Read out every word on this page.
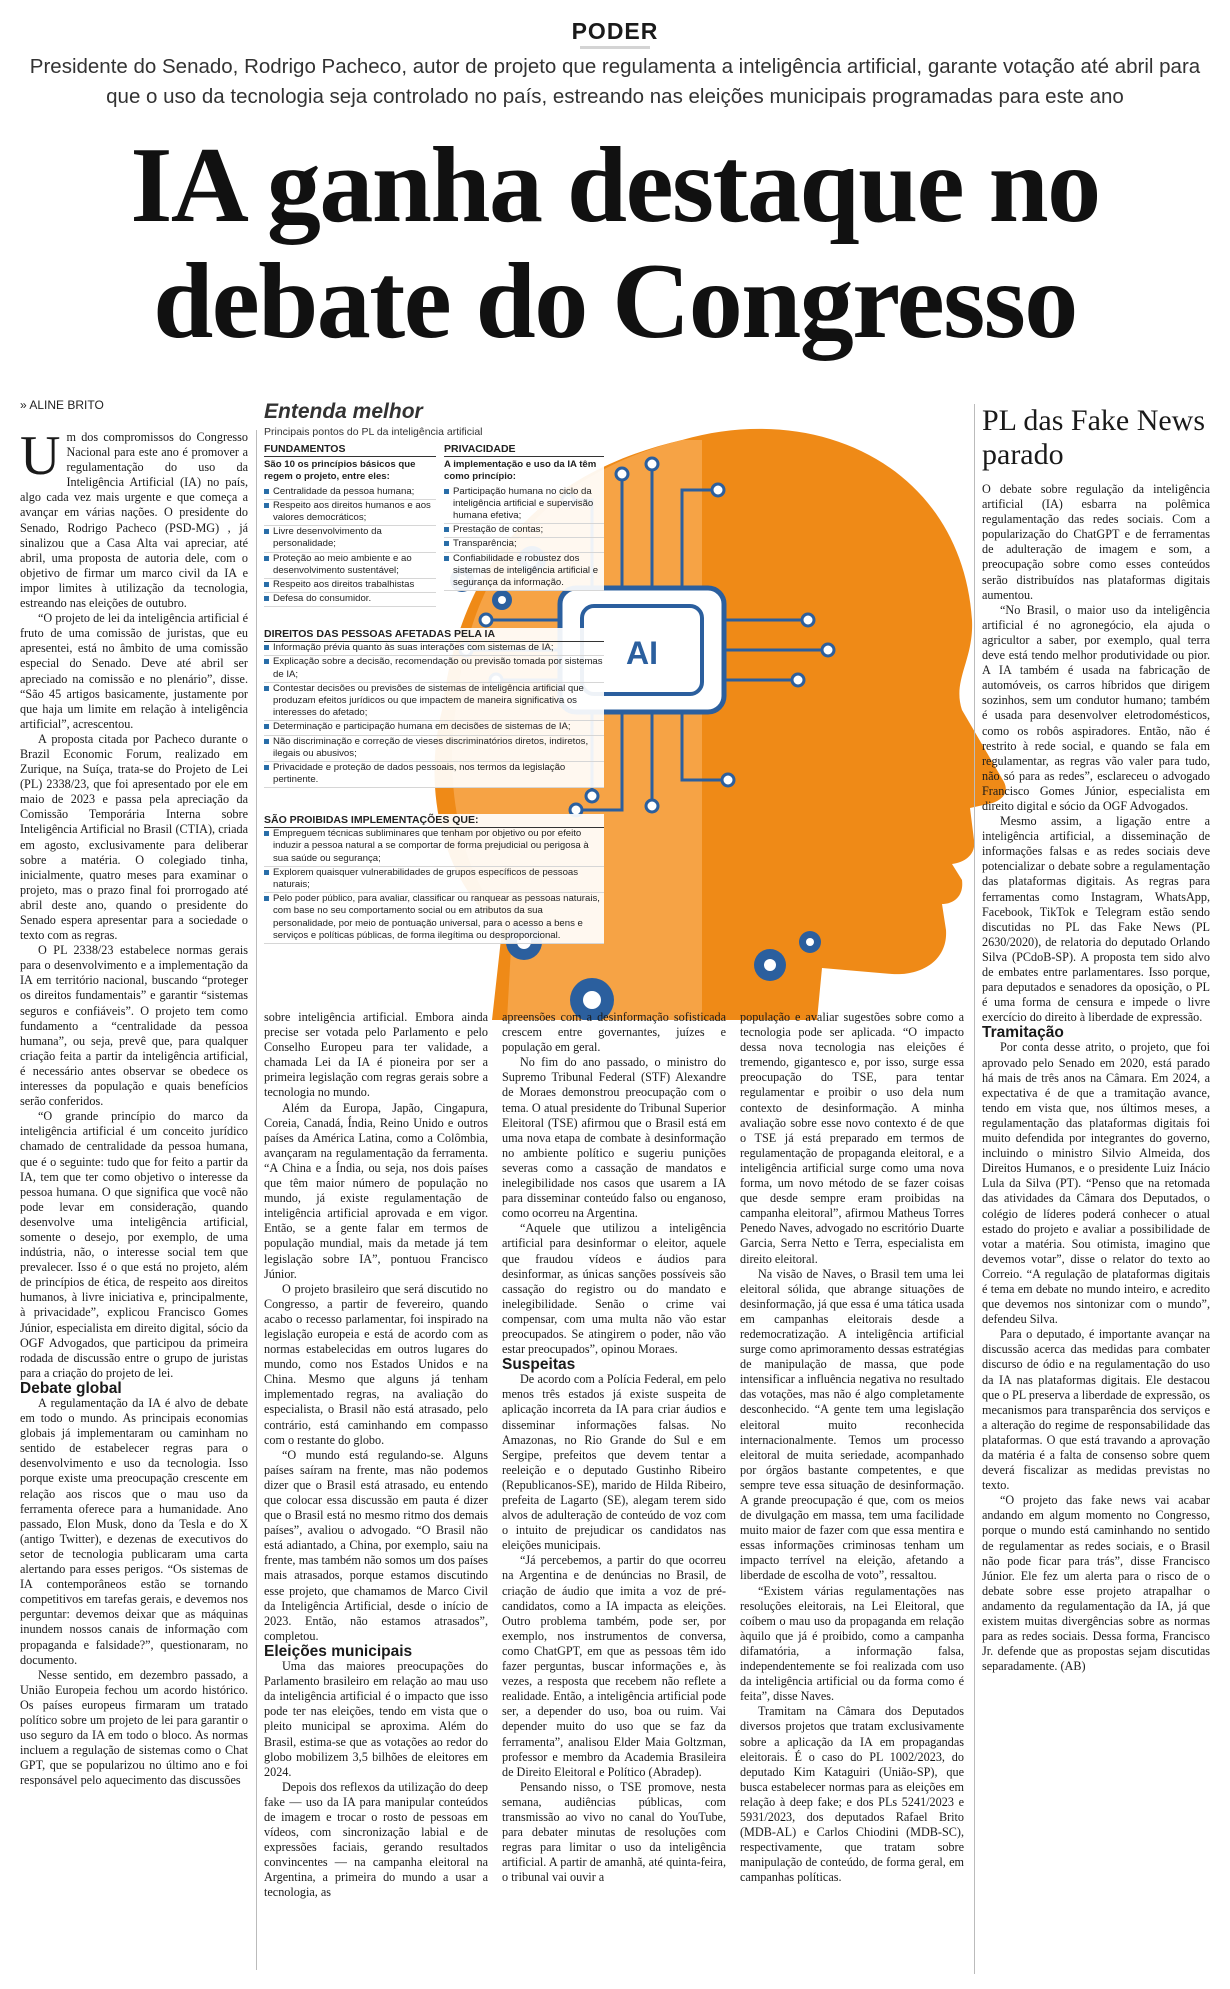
PODER
Presidente do Senado, Rodrigo Pacheco, autor de projeto que regulamenta a inteligência artificial, garante votação até abril para que o uso da tecnologia seja controlado no país, estreando nas eleições municipais programadas para este ano
IA ganha destaque no
debate do Congresso
» ALINE BRITO
AI
Entenda melhor
Principais pontos do PL da inteligência artificial
FUNDAMENTOS
São 10 os princípios básicos que regem o projeto, entre eles:
Centralidade da pessoa humana;
Respeito aos direitos humanos e aos valores democráticos;
Livre desenvolvimento da personalidade;
Proteção ao meio ambiente e ao desenvolvimento sustentável;
Respeito aos direitos trabalhistas
Defesa do consumidor.
PRIVACIDADE
A implementação e uso da IA têm como princípio:
Participação humana no ciclo da inteligência artificial e supervisão humana efetiva;
Prestação de contas;
Transparência;
Confiabilidade e robustez dos sistemas de inteligência artificial e segurança da informação.
DIREITOS DAS PESSOAS AFETADAS PELA IA
Informação prévia quanto às suas interações com sistemas de IA;
Explicação sobre a decisão, recomendação ou previsão tomada por sistemas de IA;
Contestar decisões ou previsões de sistemas de inteligência artificial que produzam efeitos jurídicos ou que impactem de maneira significativa os interesses do afetado;
Determinação e participação humana em decisões de sistemas de IA;
Não discriminação e correção de vieses discriminatórios diretos, indiretos, ilegais ou abusivos;
Privacidade e proteção de dados pessoais, nos termos da legislação pertinente.
SÃO PROIBIDAS IMPLEMENTAÇÕES QUE:
Empreguem técnicas subliminares que tenham por objetivo ou por efeito induzir a pessoa natural a se comportar de forma prejudicial ou perigosa à sua saúde ou segurança;
Explorem quaisquer vulnerabilidades de grupos específicos de pessoas naturais;
Pelo poder público, para avaliar, classificar ou ranquear as pessoas naturais, com base no seu comportamento social ou em atributos da sua personalidade, por meio de pontuação universal, para o acesso a bens e serviços e políticas públicas, de forma ilegítima ou desproporcional.

Um dos compromissos do Congresso Nacional para este ano é promover a regulamentação do uso da Inteligência Artificial (IA) no país, algo cada vez mais urgente e que começa a avançar em várias nações. O presidente do Senado, Rodrigo Pacheco (PSD-MG) , já sinalizou que a Casa Alta vai apreciar, até abril, uma proposta de autoria dele, com o objetivo de firmar um marco civil da IA e impor limites à utilização da tecnologia, estreando nas eleições de outubro.

“O projeto de lei da inteligência artificial é fruto de uma comissão de juristas, que eu apresentei, está no âmbito de uma comissão especial do Senado. Deve até abril ser apreciado na comissão e no plenário”, disse. “São 45 artigos basicamente, justamente por que haja um limite em relação à inteligência artificial”, acrescentou.

A proposta citada por Pacheco durante o Brazil Economic Forum, realizado em Zurique, na Suíça, trata-se do Projeto de Lei (PL) 2338/23, que foi apresentado por ele em maio de 2023 e passa pela apreciação da Comissão Temporária Interna sobre Inteligência Artificial no Brasil (CTIA), criada em agosto, exclusivamente para deliberar sobre a matéria. O colegiado tinha, inicialmente, quatro meses para examinar o projeto, mas o prazo final foi prorrogado até abril deste ano, quando o presidente do Senado espera apresentar para a sociedade o texto com as regras.

O PL 2338/23 estabelece normas gerais para o desenvolvimento e a implementação da IA em território nacional, buscando “proteger os direitos fundamentais” e garantir “sistemas seguros e confiáveis”. O projeto tem como fundamento a “centralidade da pessoa humana”, ou seja, prevê que, para qualquer criação feita a partir da inteligência artificial, é necessário antes observar se obedece os interesses da população e quais benefícios serão conferidos.

“O grande princípio do marco da inteligência artificial é um conceito jurídico chamado de centralidade da pessoa humana, que é o seguinte: tudo que for feito a partir da IA, tem que ter como objetivo o interesse da pessoa humana. O que significa que você não pode levar em consideração, quando desenvolve uma inteligência artificial, somente o desejo, por exemplo, de uma indústria, não, o interesse social tem que prevalecer. Isso é o que está no projeto, além de princípios de ética, de respeito aos direitos humanos, à livre iniciativa e, principalmente, à privacidade”, explicou Francisco Gomes Júnior, especialista em direito digital, sócio da OGF Advogados, que participou da primeira rodada de discussão entre o grupo de juristas para a criação do projeto de lei.

Debate global

A regulamentação da IA é alvo de debate em todo o mundo. As principais economias globais já implementaram ou caminham no sentido de estabelecer regras para o desenvolvimento e uso da tecnologia. Isso porque existe uma preocupação crescente em relação aos riscos que o mau uso da ferramenta oferece para a humanidade. Ano passado, Elon Musk, dono da Tesla e do X (antigo Twitter), e dezenas de executivos do setor de tecnologia publicaram uma carta alertando para esses perigos. “Os sistemas de IA contemporâneos estão se tornando competitivos em tarefas gerais, e devemos nos perguntar: devemos deixar que as máquinas inundem nossos canais de informação com propaganda e falsidade?”, questionaram, no documento.

Nesse sentido, em dezembro passado, a União Europeia fechou um acordo histórico. Os países europeus firmaram um tratado político sobre um projeto de lei para garantir o uso seguro da IA em todo o bloco. As normas incluem a regulação de sistemas como o Chat GPT, que se popularizou no último ano e foi responsável pelo aquecimento das discussões

sobre inteligência artificial. Embora ainda precise ser votada pelo Parlamento e pelo Conselho Europeu para ter validade, a chamada Lei da IA é pioneira por ser a primeira legislação com regras gerais sobre a tecnologia no mundo.

Além da Europa, Japão, Cingapura, Coreia, Canadá, Índia, Reino Unido e outros países da América Latina, como a Colômbia, avançaram na regulamentação da ferramenta. “A China e a Índia, ou seja, nos dois países que têm maior número de população no mundo, já existe regulamentação de inteligência artificial aprovada e em vigor. Então, se a gente falar em termos de população mundial, mais da metade já tem legislação sobre IA”, pontuou Francisco Júnior.

O projeto brasileiro que será discutido no Congresso, a partir de fevereiro, quando acabo o recesso parlamentar, foi inspirado na legislação europeia e está de acordo com as normas estabelecidas em outros lugares do mundo, como nos Estados Unidos e na China. Mesmo que alguns já tenham implementado regras, na avaliação do especialista, o Brasil não está atrasado, pelo contrário, está caminhando em compasso com o restante do globo.

“O mundo está regulando-se. Alguns países saíram na frente, mas não podemos dizer que o Brasil está atrasado, eu entendo que colocar essa discussão em pauta é dizer que o Brasil está no mesmo ritmo dos demais países”, avaliou o advogado. “O Brasil não está adiantado, a China, por exemplo, saiu na frente, mas também não somos um dos países mais atrasados, porque estamos discutindo esse projeto, que chamamos de Marco Civil da Inteligência Artificial, desde o início de 2023. Então, não estamos atrasados”, completou.

Eleições municipais

Uma das maiores preocupações do Parlamento brasileiro em relação ao mau uso da inteligência artificial é o impacto que isso pode ter nas eleições, tendo em vista que o pleito municipal se aproxima. Além do Brasil, estima-se que as votações ao redor do globo mobilizem 3,5 bilhões de eleitores em 2024.

Depois dos reflexos da utilização do deep fake — uso da IA para manipular conteúdos de imagem e trocar o rosto de pessoas em vídeos, com sincronização labial e de expressões faciais, gerando resultados convincentes — na campanha eleitoral na Argentina, a primeira do mundo a usar a tecnologia, as

apreensões com a desinformação sofisticada crescem entre governantes, juízes e população em geral.

No fim do ano passado, o ministro do Supremo Tribunal Federal (STF) Alexandre de Moraes demonstrou preocupação com o tema. O atual presidente do Tribunal Superior Eleitoral (TSE) afirmou que o Brasil está em uma nova etapa de combate à desinformação no ambiente político e sugeriu punições severas como a cassação de mandatos e inelegibilidade nos casos que usarem a IA para disseminar conteúdo falso ou enganoso, como ocorreu na Argentina.

“Aquele que utilizou a inteligência artificial para desinformar o eleitor, aquele que fraudou vídeos e áudios para desinformar, as únicas sanções possíveis são cassação do registro ou do mandato e inelegibilidade. Senão o crime vai compensar, com uma multa não vão estar preocupados. Se atingirem o poder, não vão estar preocupados”, opinou Moraes.

Suspeitas

De acordo com a Polícia Federal, em pelo menos três estados já existe suspeita de aplicação incorreta da IA para criar áudios e disseminar informações falsas. No Amazonas, no Rio Grande do Sul e em Sergipe, prefeitos que devem tentar a reeleição e o deputado Gustinho Ribeiro (Republicanos-SE), marido de Hilda Ribeiro, prefeita de Lagarto (SE), alegam terem sido alvos de adulteração de conteúdo de voz com o intuito de prejudicar os candidatos nas eleições municipais.

“Já percebemos, a partir do que ocorreu na Argentina e de denúncias no Brasil, de criação de áudio que imita a voz de pré-candidatos, como a IA impacta as eleições. Outro problema também, pode ser, por exemplo, nos instrumentos de conversa, como ChatGPT, em que as pessoas têm ido fazer perguntas, buscar informações e, às vezes, a resposta que recebem não reflete a realidade. Então, a inteligência artificial pode ser, a depender do uso, boa ou ruim. Vai depender muito do uso que se faz da ferramenta”, analisou Elder Maia Goltzman, professor e membro da Academia Brasileira de Direito Eleitoral e Político (Abradep).

Pensando nisso, o TSE promove, nesta semana, audiências públicas, com transmissão ao vivo no canal do YouTube, para debater minutas de resoluções com regras para limitar o uso da inteligência artificial. A partir de amanhã, até quinta-feira, o tribunal vai ouvir a

população e avaliar sugestões sobre como a tecnologia pode ser aplicada. “O impacto dessa nova tecnologia nas eleições é tremendo, gigantesco e, por isso, surge essa preocupação do TSE, para tentar regulamentar e proibir o uso dela num contexto de desinformação. A minha avaliação sobre esse novo contexto é de que o TSE já está preparado em termos de regulamentação de propaganda eleitoral, e a inteligência artificial surge como uma nova forma, um novo método de se fazer coisas que desde sempre eram proibidas na campanha eleitoral”, afirmou Matheus Torres Penedo Naves, advogado no escritório Duarte Garcia, Serra Netto e Terra, especialista em direito eleitoral.

Na visão de Naves, o Brasil tem uma lei eleitoral sólida, que abrange situações de desinformação, já que essa é uma tática usada em campanhas eleitorais desde a redemocratização. A inteligência artificial surge como aprimoramento dessas estratégias de manipulação de massa, que pode intensificar a influência negativa no resultado das votações, mas não é algo completamente desconhecido. “A gente tem uma legislação eleitoral muito reconhecida internacionalmente. Temos um processo eleitoral de muita seriedade, acompanhado por órgãos bastante competentes, e que sempre teve essa situação de desinformação. A grande preocupação é que, com os meios de divulgação em massa, tem uma facilidade muito maior de fazer com que essa mentira e essas informações criminosas tenham um impacto terrível na eleição, afetando a liberdade de escolha de voto”, ressaltou.

“Existem várias regulamentações nas resoluções eleitorais, na Lei Eleitoral, que coíbem o mau uso da propaganda em relação àquilo que já é proibido, como a campanha difamatória, a informação falsa, independentemente se foi realizada com uso da inteligência artificial ou da forma como é feita”, disse Naves.

Tramitam na Câmara dos Deputados diversos projetos que tratam exclusivamente sobre a aplicação da IA em propagandas eleitorais. É o caso do PL 1002/2023, do deputado Kim Kataguiri (União-SP), que busca estabelecer normas para as eleições em relação à deep fake; e dos PLs 5241/2023 e 5931/2023, dos deputados Rafael Brito (MDB-AL) e Carlos Chiodini (MDB-SC), respectivamente, que tratam sobre manipulação de conteúdo, de forma geral, em campanhas políticas.

PL das Fake News parado

O debate sobre regulação da inteligência artificial (IA) esbarra na polêmica regulamentação das redes sociais. Com a popularização do ChatGPT e de ferramentas de adulteração de imagem e som, a preocupação sobre como esses conteúdos serão distribuídos nas plataformas digitais aumentou.

“No Brasil, o maior uso da inteligência artificial é no agronegócio, ela ajuda o agricultor a saber, por exemplo, qual terra deve está tendo melhor produtividade ou pior. A IA também é usada na fabricação de automóveis, os carros híbridos que dirigem sozinhos, sem um condutor humano; também é usada para desenvolver eletrodomésticos, como os robôs aspiradores. Então, não é restrito à rede social, e quando se fala em regulamentar, as regras vão valer para tudo, não só para as redes”, esclareceu o advogado Francisco Gomes Júnior, especialista em direito digital e sócio da OGF Advogados.

Mesmo assim, a ligação entre a inteligência artificial, a disseminação de informações falsas e as redes sociais deve potencializar o debate sobre a regulamentação das plataformas digitais. As regras para ferramentas como Instagram, WhatsApp, Facebook, TikTok e Telegram estão sendo discutidas no PL das Fake News (PL 2630/2020), de relatoria do deputado Orlando Silva (PCdoB-SP). A proposta tem sido alvo de embates entre parlamentares. Isso porque, para deputados e senadores da oposição, o PL é uma forma de censura e impede o livre exercício do direito à liberdade de expressão.

Tramitação

Por conta desse atrito, o projeto, que foi aprovado pelo Senado em 2020, está parado há mais de três anos na Câmara. Em 2024, a expectativa é de que a tramitação avance, tendo em vista que, nos últimos meses, a regulamentação das plataformas digitais foi muito defendida por integrantes do governo, incluindo o ministro Silvio Almeida, dos Direitos Humanos, e o presidente Luiz Inácio Lula da Silva (PT). “Penso que na retomada das atividades da Câmara dos Deputados, o colégio de líderes poderá conhecer o atual estado do projeto e avaliar a possibilidade de votar a matéria. Sou otimista, imagino que devemos votar”, disse o relator do texto ao Correio. “A regulação de plataformas digitais é tema em debate no mundo inteiro, e acredito que devemos nos sintonizar com o mundo”, defendeu Silva.

Para o deputado, é importante avançar na discussão acerca das medidas para combater discurso de ódio e na regulamentação do uso da IA nas plataformas digitais. Ele destacou que o PL preserva a liberdade de expressão, os mecanismos para transparência dos serviços e a alteração do regime de responsabilidade das plataformas. O que está travando a aprovação da matéria é a falta de consenso sobre quem deverá fiscalizar as medidas previstas no texto.

“O projeto das fake news vai acabar andando em algum momento no Congresso, porque o mundo está caminhando no sentido de regulamentar as redes sociais, e o Brasil não pode ficar para trás”, disse Francisco Júnior. Ele fez um alerta para o risco de o debate sobre esse projeto atrapalhar o andamento da regulamentação da IA, já que existem muitas divergências sobre as normas para as redes sociais. Dessa forma, Francisco Jr. defende que as propostas sejam discutidas separadamente. (AB)
